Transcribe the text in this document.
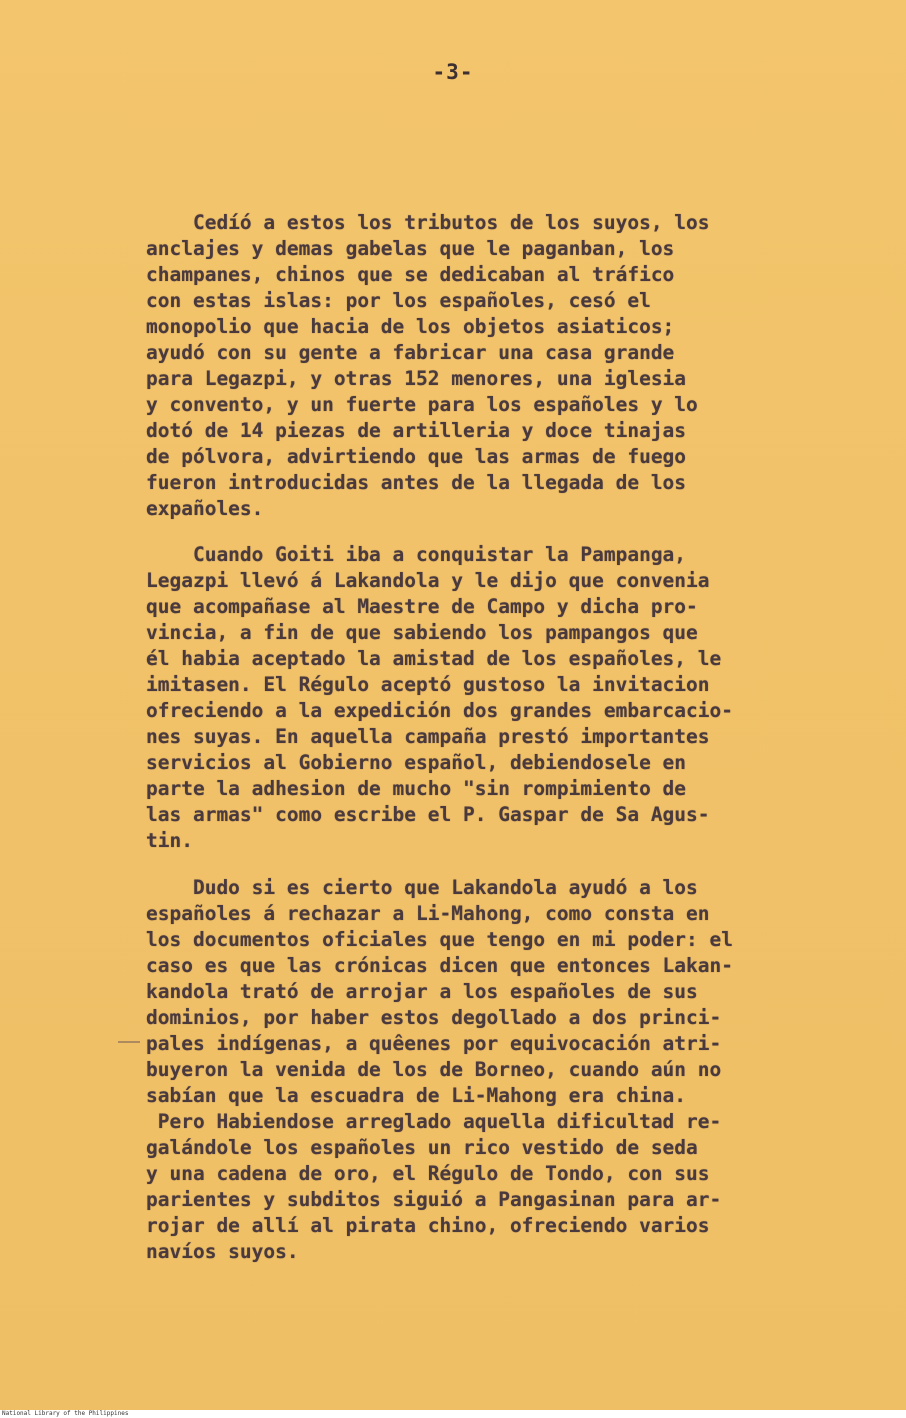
-3-
Cedíó a estos los tributos de los suyos, los
anclajes y demas gabelas que le paganban, los
champanes, chinos que se dedicaban al tráfico
con estas islas: por los españoles, cesó el
monopolio que hacia de los objetos asiaticos;
ayudó con su gente a fabricar una casa grande
para Legazpi, y otras 152 menores, una iglesia
y convento, y un fuerte para los españoles y lo
dotó de 14 piezas de artilleria y doce tinajas
de pólvora, advirtiendo que las armas de fuego
fueron introducidas antes de la llegada de los
expañoles.
Cuando Goiti iba a conquistar la Pampanga,
Legazpi llevó á Lakandola y le dijo que convenia
que acompañase al Maestre de Campo y dicha pro-
vincia, a fin de que sabiendo los pampangos que
él habia aceptado la amistad de los españoles, le
imitasen. El Régulo aceptó gustoso la invitacion
ofreciendo a la expedición dos grandes embarcacio-
nes suyas. En aquella campaña prestó importantes
servicios al Gobierno español, debiendosele en
parte la adhesion de mucho "sin rompimiento de
las armas" como escribe el P. Gaspar de Sa Agus-
tin.
Dudo si es cierto que Lakandola ayudó a los
españoles á rechazar a Li-Mahong, como consta en
los documentos oficiales que tengo en mi poder: el
caso es que las crónicas dicen que entonces Lakan-
kandola trató de arrojar a los españoles de sus
dominios, por haber estos degollado a dos princi-
pales indígenas, a quêenes por equivocación atri-
buyeron la venida de los de Borneo, cuando aún no
sabían que la escuadra de Li-Mahong era china.
Pero Habiendose arreglado aquella dificultad re-
galándole los españoles un rico vestido de seda
y una cadena de oro, el Régulo de Tondo, con sus
parientes y subditos siguió a Pangasinan para ar-
rojar de allí al pirata chino, ofreciendo varios
navíos suyos.
National Library of the Philippines
